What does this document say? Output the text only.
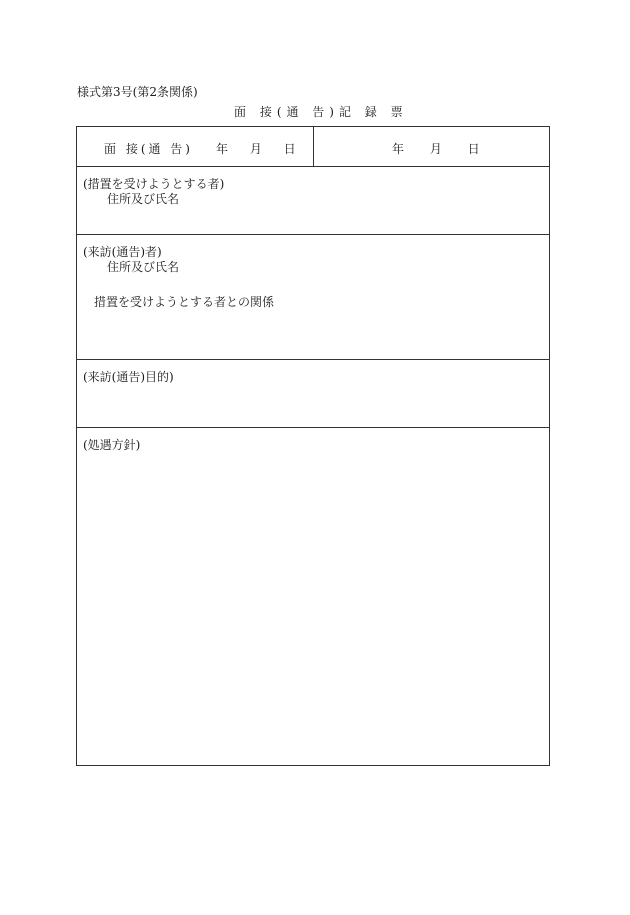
様式第3号(第2条関係)
面 接(通 告)記 録 票
面 接(通 告) 年 月 日	年 月 日
(措置を受けようとする者)
住所及び氏名
(来訪(通告)者)
住所及び氏名
措置を受けようとする者との関係
(来訪(通告)目的)
(処遇方針)
